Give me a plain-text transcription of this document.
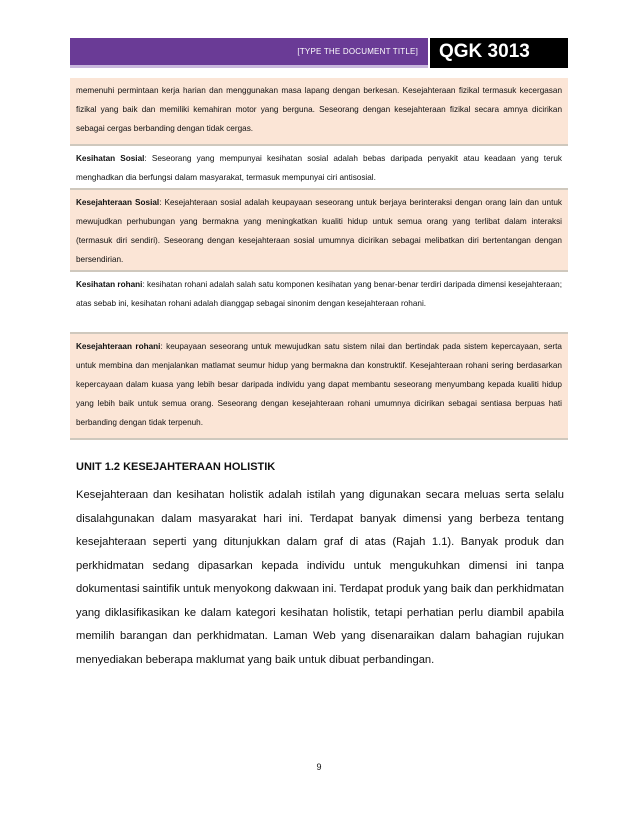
[TYPE THE DOCUMENT TITLE]	QGK 3013
memenuhi permintaan kerja harian dan menggunakan masa lapang dengan berkesan. Kesejahteraan fizikal termasuk kecergasan fizikal yang baik dan memiliki kemahiran motor yang berguna. Seseorang dengan kesejahteraan fizikal secara amnya dicirikan sebagai cergas berbanding dengan tidak cergas.
Kesihatan Sosial: Seseorang yang mempunyai kesihatan sosial adalah bebas daripada penyakit atau keadaan yang teruk menghadkan dia berfungsi dalam masyarakat, termasuk mempunyai ciri antisosial.
Kesejahteraan Sosial: Kesejahteraan sosial adalah keupayaan seseorang untuk berjaya berinteraksi dengan orang lain dan untuk mewujudkan perhubungan yang bermakna yang meningkatkan kualiti hidup untuk semua orang yang terlibat dalam interaksi (termasuk diri sendiri). Seseorang dengan kesejahteraan sosial umumnya dicirikan sebagai melibatkan diri bertentangan dengan bersendirian.
Kesihatan rohani: kesihatan rohani adalah salah satu komponen kesihatan yang benar-benar terdiri daripada dimensi kesejahteraan; atas sebab ini, kesihatan rohani adalah dianggap sebagai sinonim dengan kesejahteraan rohani.
Kesejahteraan rohani: keupayaan seseorang untuk mewujudkan satu sistem nilai dan bertindak pada sistem kepercayaan, serta untuk membina dan menjalankan matlamat seumur hidup yang bermakna dan konstruktif. Kesejahteraan rohani sering berdasarkan kepercayaan dalam kuasa yang lebih besar daripada individu yang dapat membantu seseorang menyumbang kepada kualiti hidup yang lebih baik untuk semua orang. Seseorang dengan kesejahteraan rohani umumnya dicirikan sebagai sentiasa berpuas hati berbanding dengan tidak terpenuh.
UNIT 1.2 KESEJAHTERAAN HOLISTIK
Kesejahteraan dan kesihatan holistik adalah istilah yang digunakan secara meluas serta selalu disalahgunakan dalam masyarakat hari ini. Terdapat banyak dimensi yang berbeza tentang kesejahteraan seperti yang ditunjukkan dalam graf di atas (Rajah 1.1). Banyak produk dan perkhidmatan sedang dipasarkan kepada individu untuk mengukuhkan dimensi ini tanpa dokumentasi saintifik untuk menyokong dakwaan ini. Terdapat produk yang baik dan perkhidmatan yang diklasifikasikan ke dalam kategori kesihatan holistik, tetapi perhatian perlu diambil apabila memilih barangan dan perkhidmatan. Laman Web yang disenaraikan dalam bahagian rujukan menyediakan beberapa maklumat yang baik untuk dibuat perbandingan.
9
